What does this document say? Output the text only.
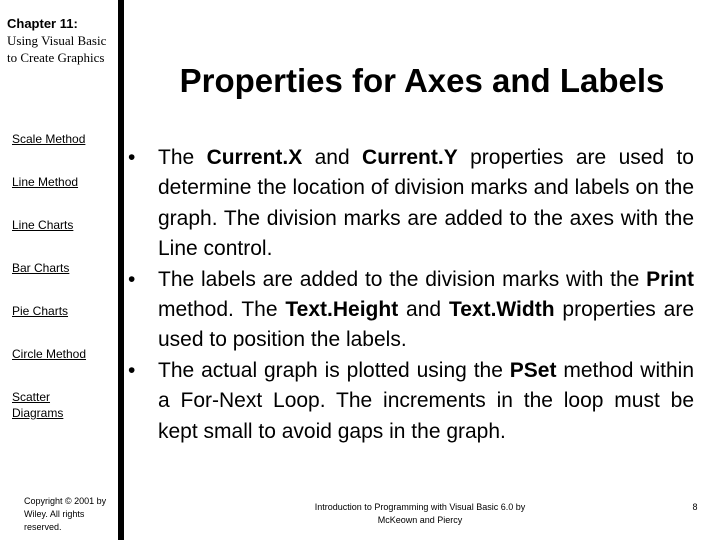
Chapter 11:
Using Visual Basic to Create Graphics
Scale Method
Line Method
Line Charts
Bar Charts
Pie Charts
Circle Method
Scatter Diagrams
Copyright © 2001 by Wiley. All rights reserved.
Properties for Axes and Labels
• The Current.X and Current.Y properties are used to determine the location of division marks and labels on the graph. The division marks are added to the axes with the Line control.
• The labels are added to the division marks with the Print method. The Text.Height and Text.Width properties are used to position the labels.
• The actual graph is plotted using the PSet method within a For-Next Loop. The increments in the loop must be kept small to avoid gaps in the graph.
Introduction to Programming with Visual Basic 6.0 by McKeown and Piercy
8
